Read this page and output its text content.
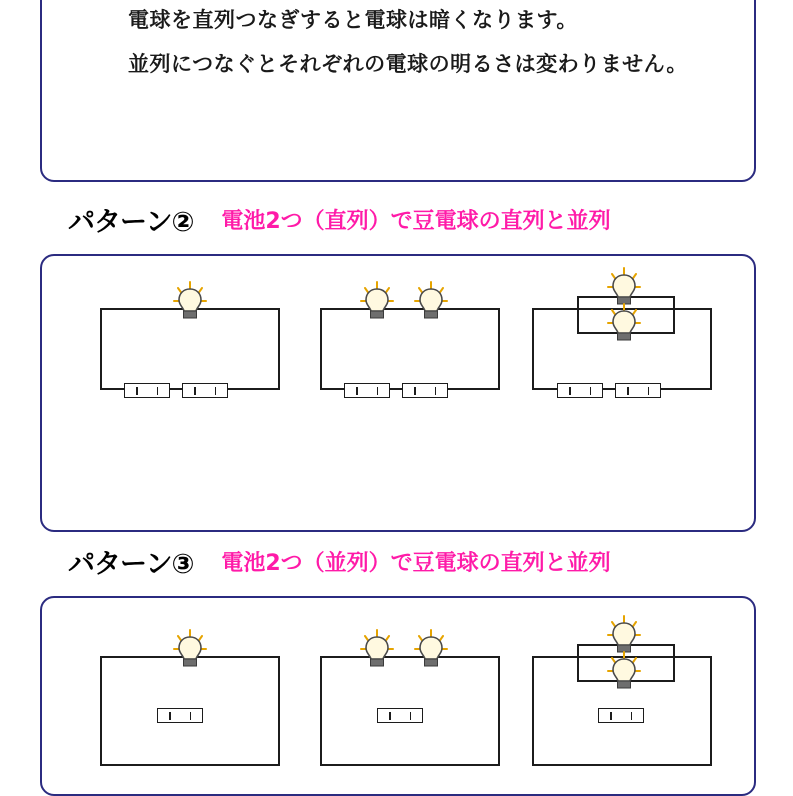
電球を直列つなぎすると電球は暗くなります。
並列につなぐとそれぞれの電球の明るさは変わりません。
パターン② 電池2つ（直列）で豆電球の直列と並列
パターン③ 電池2つ（並列）で豆電球の直列と並列
